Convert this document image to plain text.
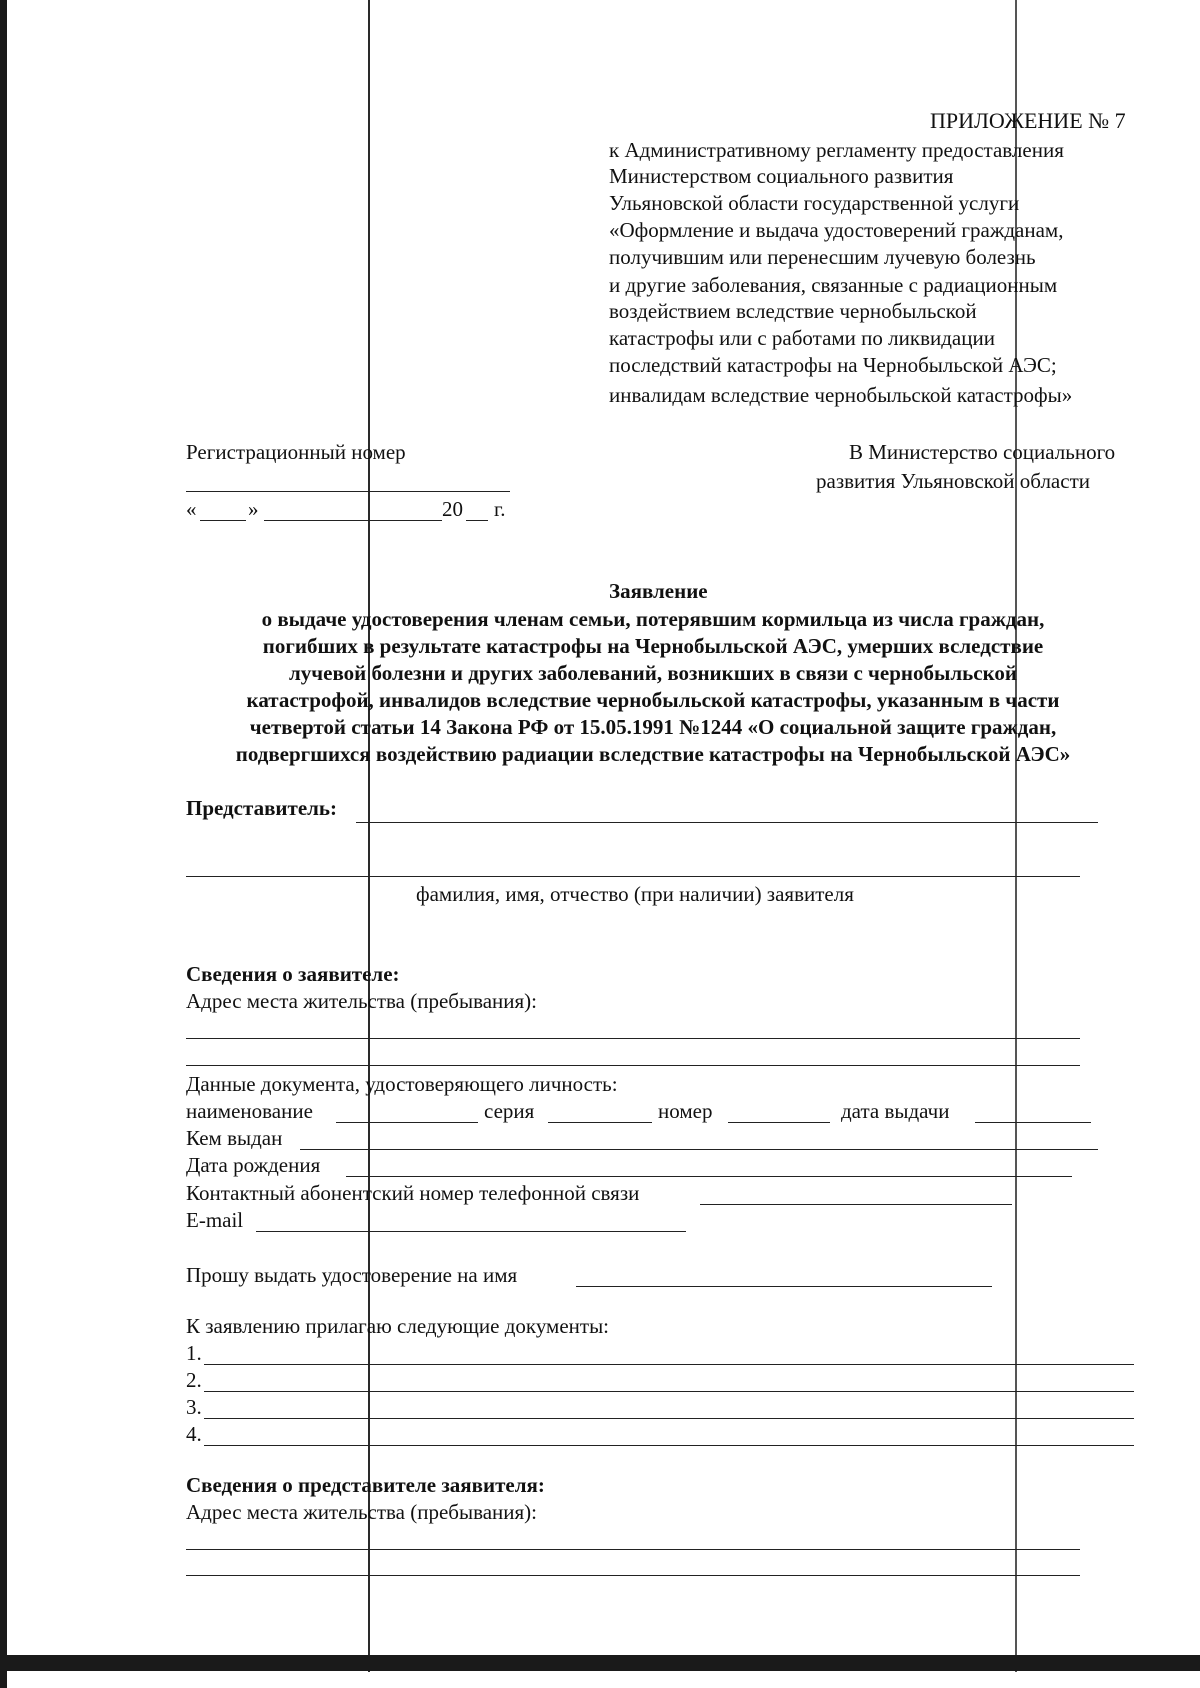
ПРИЛОЖЕНИЕ № 7
к Административному регламенту предоставления
Министерством социального развития
Ульяновской области государственной услуги
«Оформление и выдача удостоверений гражданам,
получившим или перенесшим лучевую болезнь
и другие заболевания, связанные с радиационным
воздействием вследствие чернобыльской
катастрофы или с работами по ликвидации
последствий катастрофы на Чернобыльской АЭС;
инвалидам вследствие чернобыльской катастрофы»
Регистрационный номер
« »	20 г.
В Министерство социального
развития Ульяновской области
Заявление
о выдаче удостоверения членам семьи, потерявшим кормильца из числа граждан,
погибших в результате катастрофы на Чернобыльской АЭС, умерших вследствие
лучевой болезни и других заболеваний, возникших в связи с чернобыльской
катастрофой, инвалидов вследствие чернобыльской катастрофы, указанным в части
четвертой статьи 14 Закона РФ от 15.05.1991 №1244 «О социальной защите граждан,
подвергшихся воздействию радиации вследствие катастрофы на Чернобыльской АЭС»
Представитель:
фамилия, имя, отчество (при наличии) заявителя
Сведения о заявителе:
Адрес места жительства (пребывания):
Данные документа, удостоверяющего личность:
наименование	серия	номер	дата выдачи
Кем выдан
Дата рождения
Контактный абонентский номер телефонной связи
E-mail
Прошу выдать удостоверение на имя
К заявлению прилагаю следующие документы:
1.
2.
3.
4.
Сведения о представителе заявителя:
Адрес места жительства (пребывания):
